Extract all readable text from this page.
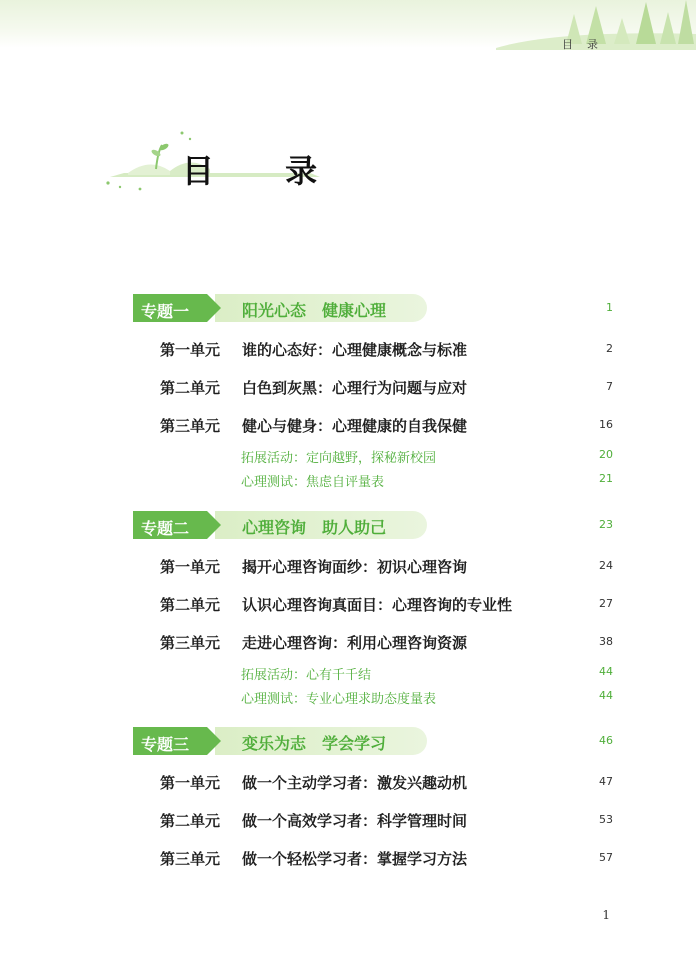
目录
目 录
专题一	阳光心态　健康心理	1
第一单元 谁的心态好：心理健康概念与标准	2
第二单元 白色到灰黑：心理行为问题与应对	7
第三单元 健心与健身：心理健康的自我保健	16
拓展活动：定向越野，探秘新校园	20
心理测试：焦虑自评量表	21
专题二	心理咨询　助人助己	23
第一单元 揭开心理咨询面纱：初识心理咨询	24
第二单元 认识心理咨询真面目：心理咨询的专业性	27
第三单元 走进心理咨询：利用心理咨询资源	38
拓展活动：心有千千结	44
心理测试：专业心理求助态度量表	44
专题三	变乐为志　学会学习	46
第一单元 做一个主动学习者：激发兴趣动机	47
第二单元 做一个高效学习者：科学管理时间	53
第三单元 做一个轻松学习者：掌握学习方法	57
1
